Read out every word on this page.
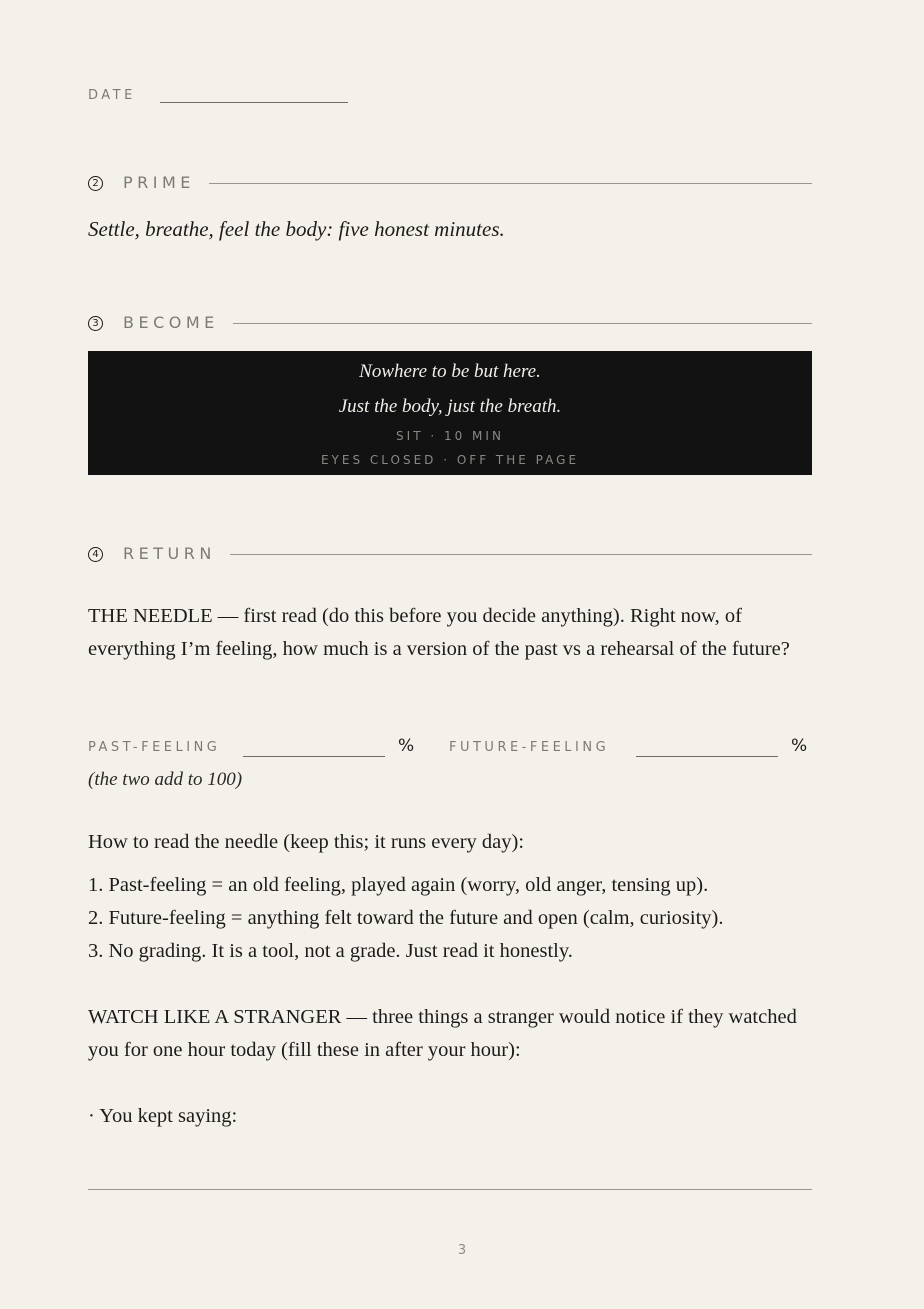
DATE
2 PRIME
Settle, breathe, feel the body: five honest minutes.
3 BECOME
Nowhere to be but here.
Just the body, just the breath.
SIT · 10 MIN
EYES CLOSED · OFF THE PAGE
4 RETURN
THE NEEDLE — first read (do this before you decide anything). Right now, of everything I’m feeling, how much is a version of the past vs a rehearsal of the future?
PAST-FEELING	%	FUTURE-FEELING	%
(the two add to 100)
How to read the needle (keep this; it runs every day):
1. Past-feeling = an old feeling, played again (worry, old anger, tensing up).
2. Future-feeling = anything felt toward the future and open (calm, curiosity).
3. No grading. It is a tool, not a grade. Just read it honestly.
WATCH LIKE A STRANGER — three things a stranger would notice if they watched you for one hour today (fill these in after your hour):
· You kept saying:
3
